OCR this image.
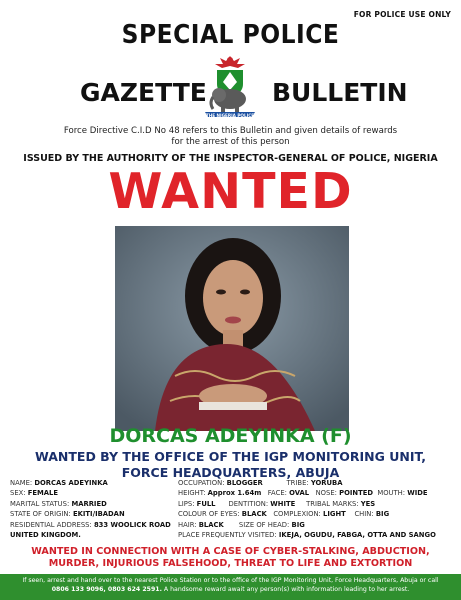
FOR POLICE USE ONLY
SPECIAL POLICE
GAZETTE	BULLETIN
THE NIGERIA POLICE
Force Directive C.I.D No 48 refers to this Bulletin and given details of rewards for the arrest of this person
ISSUED BY THE AUTHORITY OF THE INSPECTOR-GENERAL OF POLICE, NIGERIA
WANTED
DORCAS ADEYINKA (F)
WANTED BY THE OFFICE OF THE IGP MONITORING UNIT,
FORCE HEADQUARTERS, ABUJA
NAME: DORCAS ADEYINKA
SEX: FEMALE
MARITAL STATUS: MARRIED
STATE OF ORIGIN: EKITI/IBADAN
RESIDENTIAL ADDRESS: 833 WOOLICK ROAD
UNITED KINGDOM.
OCCUPATION: BLOGGER	TRIBE: YORUBA
HEIGHT: Approx 1.64m FACE: OVAL NOSE: POINTED MOUTH: WIDE
LIPS: FULL DENTITION: WHITE TRIBAL MARKS: YES
COLOUR OF EYES: BLACK COMPLEXION: LIGHT CHIN: BIG
HAIR: BLACK SIZE OF HEAD: BIG
PLACE FREQUENTLY VISITED: IKEJA, OGUDU, FABGA, OTTA AND SANGO
WANTED IN CONNECTION WITH A CASE OF CYBER-STALKING, ABDUCTION,
MURDER, INJURIOUS FALSEHOOD, THREAT TO LIFE AND EXTORTION
If seen, arrest and hand over to the nearest Police Station or to the office of the IGP Monitoring Unit, Force Headquarters, Abuja or call
0806 133 9096, 0803 624 2591. A handsome reward await any person(s) with information leading to her arrest.
